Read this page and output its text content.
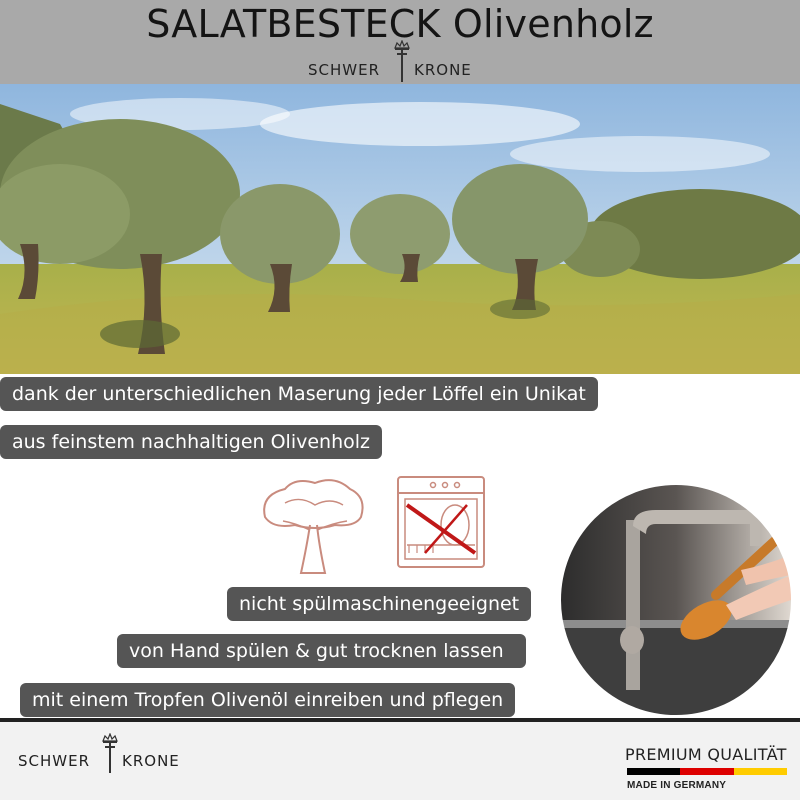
SALATBESTECK Olivenholz
SCHWER KRONE
dank der unterschiedlichen Maserung jeder Löffel ein Unikat
aus feinstem nachhaltigen Olivenholz
nicht spülmaschinengeeignet
von Hand spülen & gut trocknen lassen
mit einem Tropfen Olivenöl einreiben und pflegen
SCHWER KRONE	PREMIUM QUALITÄT
MADE IN GERMANY
